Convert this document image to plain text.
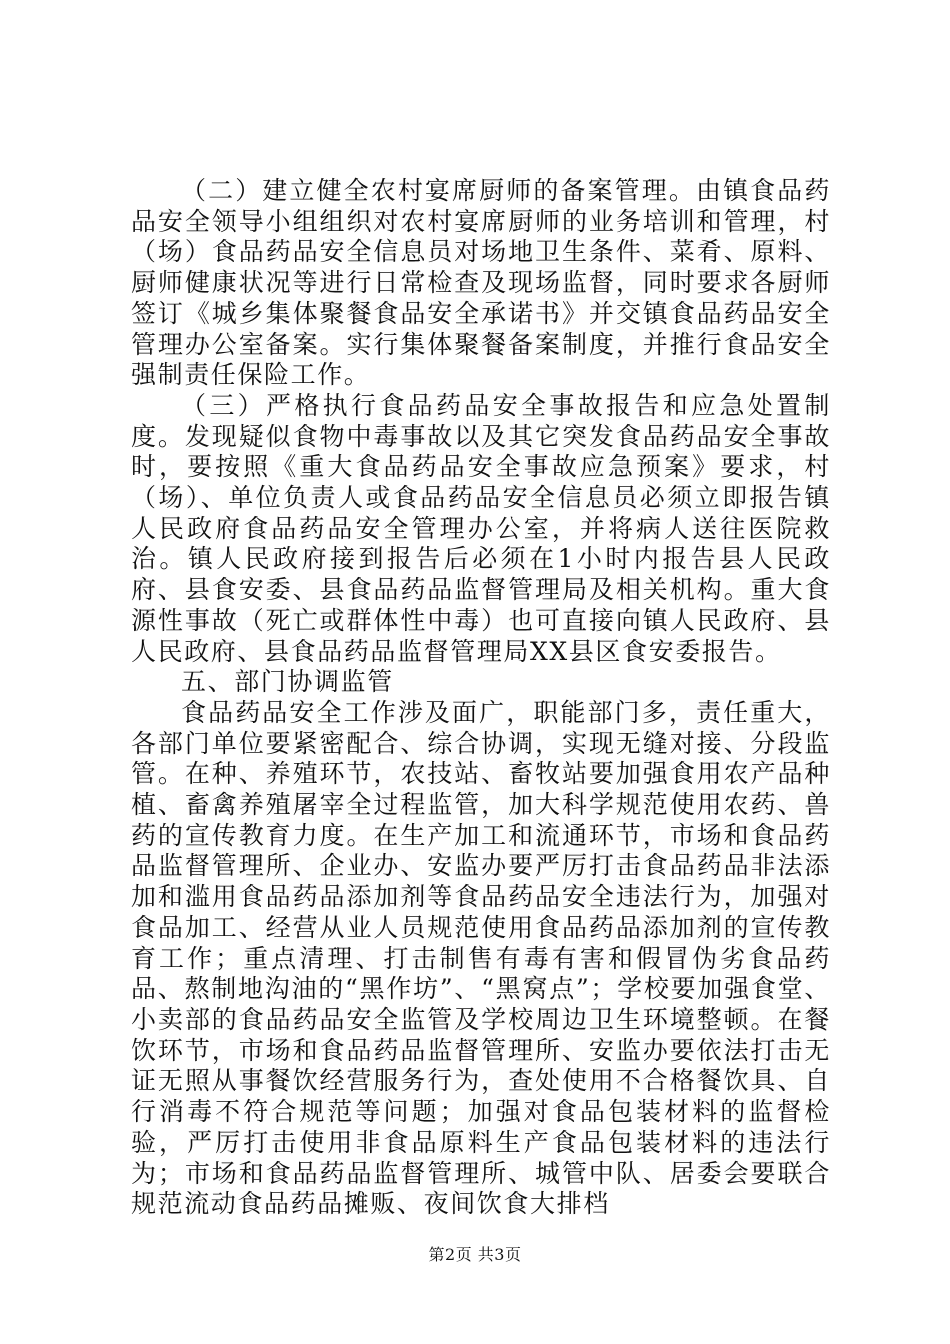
（二）建立健全农村宴席厨师的备案管理。由镇食品药品安全领导小组组织对农村宴席厨师的业务培训和管理，村（场）食品药品安全信息员对场地卫生条件、菜肴、原料、厨师健康状况等进行日常检查及现场监督，同时要求各厨师签订《城乡集体聚餐食品安全承诺书》并交镇食品药品安全管理办公室备案。实行集体聚餐备案制度，并推行食品安全强制责任保险工作。

（三）严格执行食品药品安全事故报告和应急处置制度。发现疑似食物中毒事故以及其它突发食品药品安全事故时，要按照《重大食品药品安全事故应急预案》要求，村（场）、单位负责人或食品药品安全信息员必须立即报告镇人民政府食品药品安全管理办公室，并将病人送往医院救治。镇人民政府接到报告后必须在1小时内报告县人民政府、县食安委、县食品药品监督管理局及相关机构。重大食源性事故（死亡或群体性中毒）也可直接向镇人民政府、县人民政府、县食品药品监督管理局XX县区食安委报告。

五、部门协调监管

食品药品安全工作涉及面广，职能部门多，责任重大，各部门单位要紧密配合、综合协调，实现无缝对接、分段监管。在种、养殖环节，农技站、畜牧站要加强食用农产品种植、畜禽养殖屠宰全过程监管，加大科学规范使用农药、兽药的宣传教育力度。在生产加工和流通环节，市场和食品药品监督管理所、企业办、安监办要严厉打击食品药品非法添加和滥用食品药品添加剂等食品药品安全违法行为，加强对食品加工、经营从业人员规范使用食品药品添加剂的宣传教育工作；重点清理、打击制售有毒有害和假冒伪劣食品药品、熬制地沟油的“黑作坊”、“黑窝点”；学校要加强食堂、小卖部的食品药品安全监管及学校周边卫生环境整顿。在餐饮环节，市场和食品药品监督管理所、安监办要依法打击无证无照从事餐饮经营服务行为，查处使用不合格餐饮具、自行消毒不符合规范等问题；加强对食品包装材料的监督检验，严厉打击使用非食品原料生产食品包装材料的违法行为；市场和食品药品监督管理所、城管中队、居委会要联合规范流动食品药品摊贩、夜间饮食大排档

第2页 共3页
